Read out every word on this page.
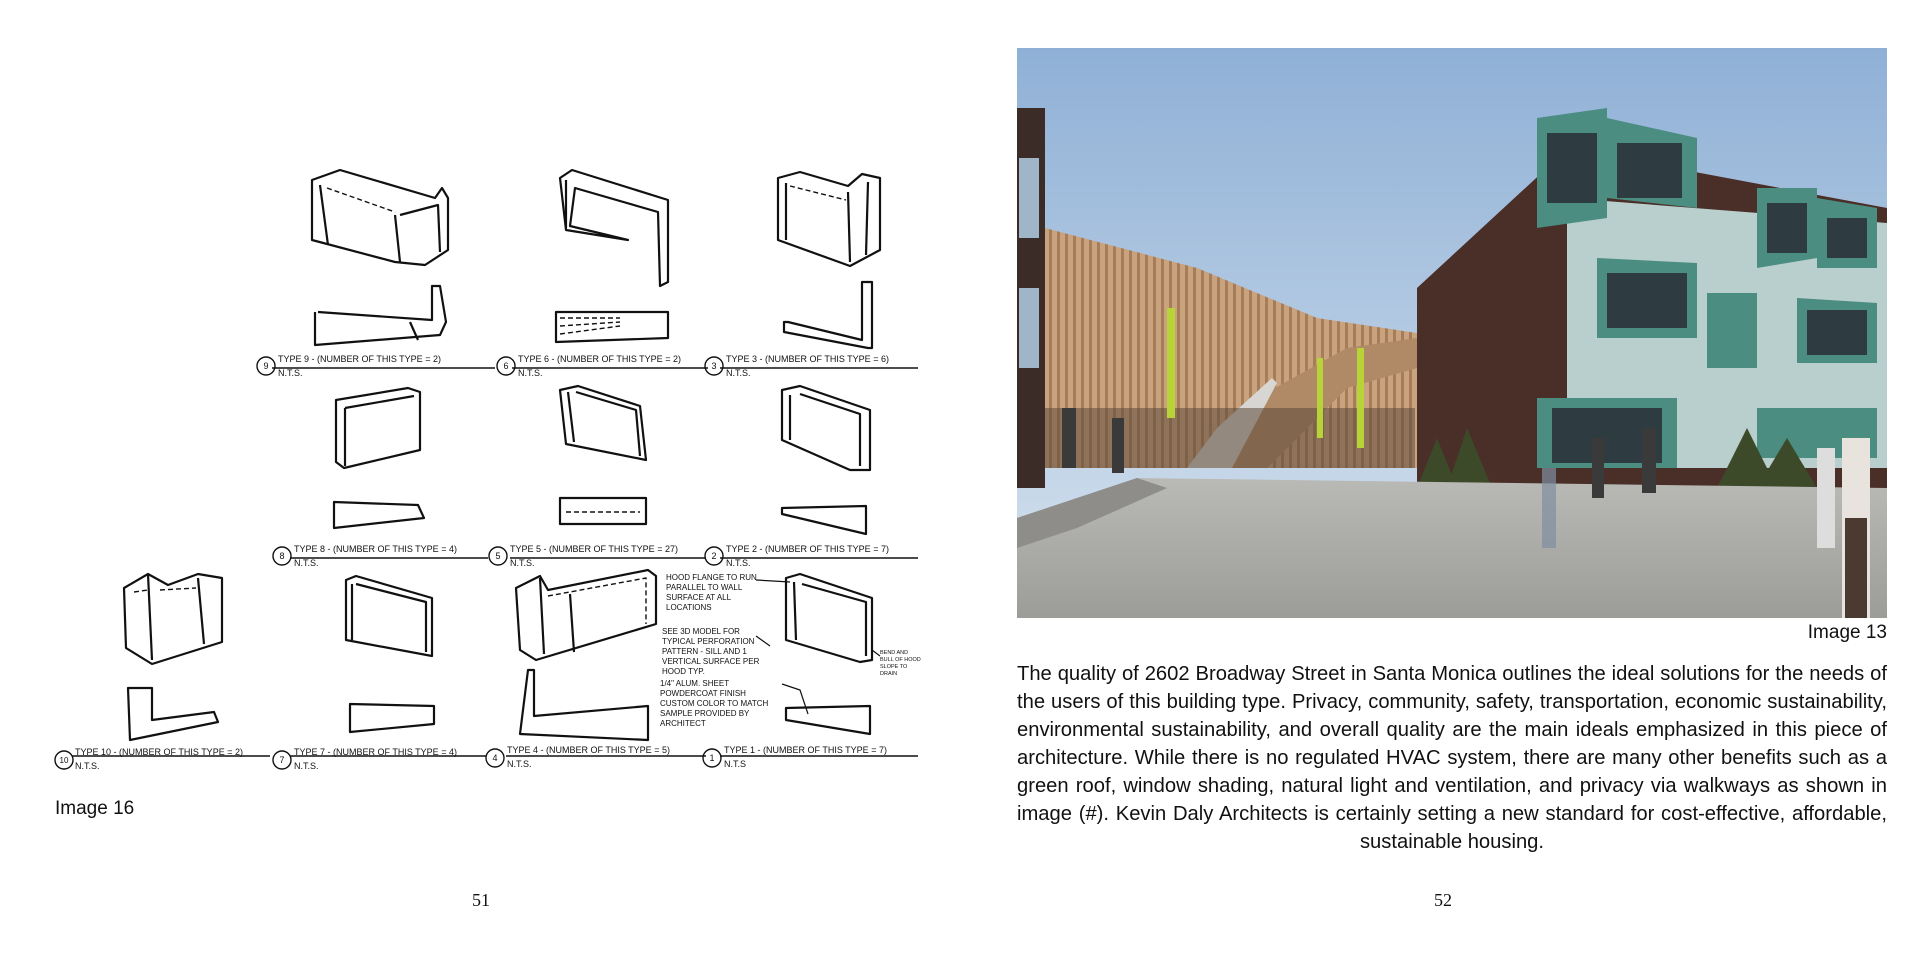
9
TYPE 9 - (NUMBER OF THIS TYPE = 2)
N.T.S.
6
TYPE 6 - (NUMBER OF THIS TYPE = 2)
N.T.S.
3
TYPE 3 - (NUMBER OF THIS TYPE = 6)
N.T.S.
8
TYPE 8 - (NUMBER OF THIS TYPE = 4)
N.T.S.
5
TYPE 5 - (NUMBER OF THIS TYPE = 27)
N.T.S.
2
TYPE 2 - (NUMBER OF THIS TYPE = 7)
N.T.S.
10
TYPE 10 - (NUMBER OF THIS TYPE = 2)
N.T.S.
7
TYPE 7 - (NUMBER OF THIS TYPE = 4)
N.T.S.
4
TYPE 4 - (NUMBER OF THIS TYPE = 5)
N.T.S.
1
TYPE 1 - (NUMBER OF THIS TYPE = 7)
N.T.S
HOOD FLANGE TO RUN
PARALLEL TO WALL
SURFACE AT ALL
LOCATIONS
SEE 3D MODEL FOR
TYPICAL PERFORATION
PATTERN - SILL AND 1
VERTICAL SURFACE PER
HOOD TYP.
1/4" ALUM. SHEET
POWDERCOAT FINISH
CUSTOM COLOR TO MATCH
SAMPLE PROVIDED BY
ARCHITECT
BEND AND
BULL OF HOOD
SLOPE TO
DRAIN
Image 16
51
Image 13

The quality of 2602 Broadway Street in Santa Monica outlines the ideal solutions for the needs of the users of this building type. Privacy, community, safety, transportation, economic sustainability, environmental sustainability, and overall quality are the main ideals emphasized in this piece of architecture. While there is no regulated HVAC system, there are many other benefits such as a green roof, window shading, natural light and ventilation, and privacy via walkways as shown in image (#). Kevin Daly Architects is certainly setting a new standard for cost-effective, affordable, sustainable housing.

52
